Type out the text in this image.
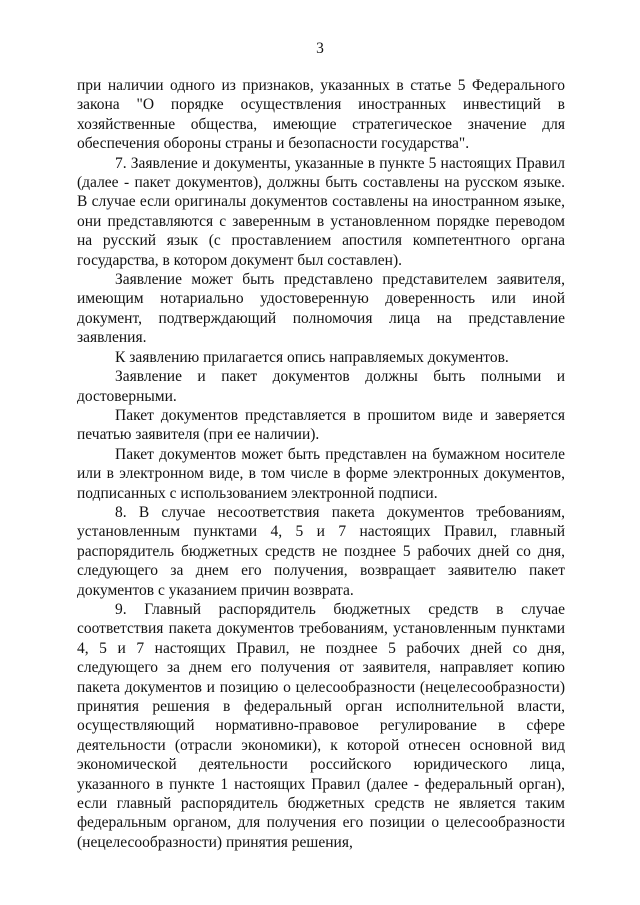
3

при наличии одного из признаков, указанных в статье 5 Федерального закона "О порядке осуществления иностранных инвестиций в хозяйственные общества, имеющие стратегическое значение для обеспечения обороны страны и безопасности государства".

7. Заявление и документы, указанные в пункте 5 настоящих Правил (далее - пакет документов), должны быть составлены на русском языке. В случае если оригиналы документов составлены на иностранном языке, они представляются с заверенным в установленном порядке переводом на русский язык (с проставлением апостиля компетентного органа государства, в котором документ был составлен).

Заявление может быть представлено представителем заявителя, имеющим нотариально удостоверенную доверенность или иной документ, подтверждающий полномочия лица на представление заявления.

К заявлению прилагается опись направляемых документов.

Заявление и пакет документов должны быть полными и достоверными.

Пакет документов представляется в прошитом виде и заверяется печатью заявителя (при ее наличии).

Пакет документов может быть представлен на бумажном носителе или в электронном виде, в том числе в форме электронных документов, подписанных с использованием электронной подписи.

8. В случае несоответствия пакета документов требованиям, установленным пунктами 4, 5 и 7 настоящих Правил, главный распорядитель бюджетных средств не позднее 5 рабочих дней со дня, следующего за днем его получения, возвращает заявителю пакет документов с указанием причин возврата.

9. Главный распорядитель бюджетных средств в случае соответствия пакета документов требованиям, установленным пунктами 4, 5 и 7 настоящих Правил, не позднее 5 рабочих дней со дня, следующего за днем его получения от заявителя, направляет копию пакета документов и позицию о целесообразности (нецелесообразности) принятия решения в федеральный орган исполнительной власти, осуществляющий нормативно-правовое регулирование в сфере деятельности (отрасли экономики), к которой отнесен основной вид экономической деятельности российского юридического лица, указанного в пункте 1 настоящих Правил (далее - федеральный орган), если главный распорядитель бюджетных средств не является таким федеральным органом, для получения его позиции о целесообразности (нецелесообразности) принятия решения,
